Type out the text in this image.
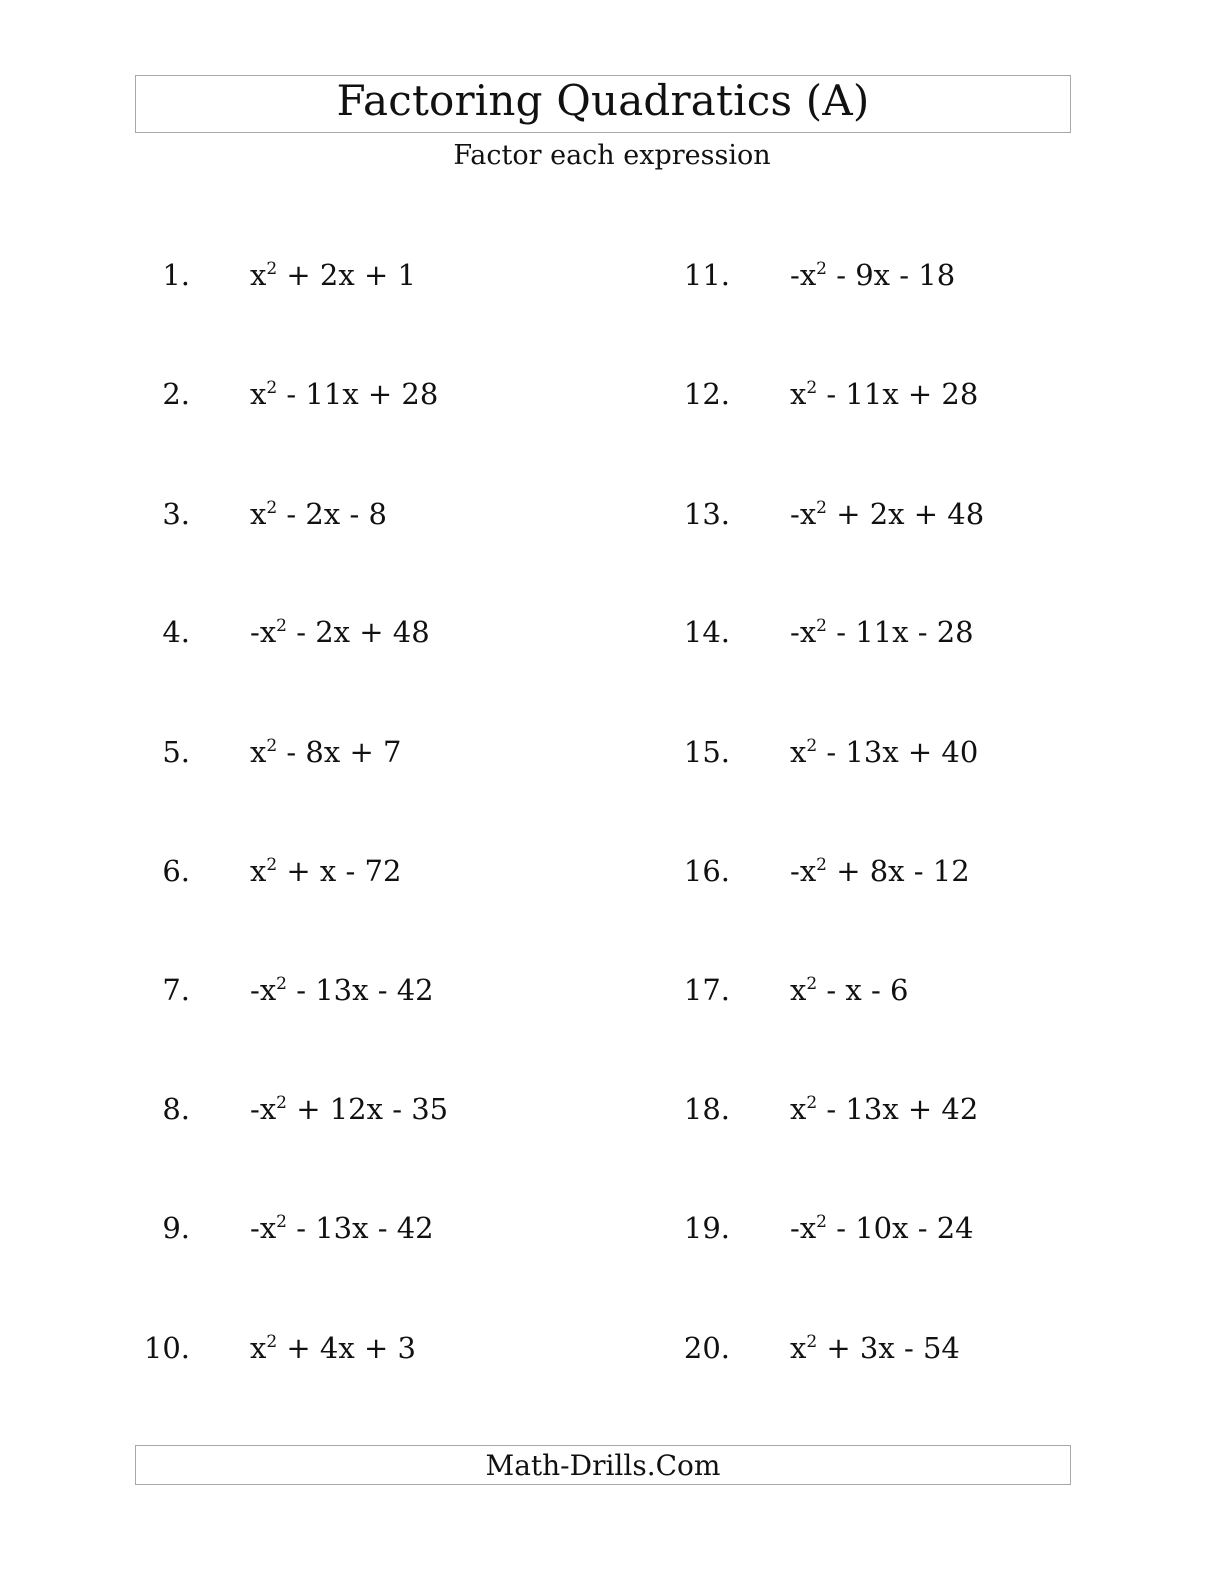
Factoring Quadratics (A)
Factor each expression
1. $x^2 + 2x + 1$
2. $x^2 - 11x + 28$
3. $x^2 - 2x - 8$
4. $-x^2 - 2x + 48$
5. $x^2 - 8x + 7$
6. $x^2 + x - 72$
7. $-x^2 - 13x - 42$
8. $-x^2 + 12x - 35$
9. $-x^2 - 13x - 42$
10. $x^2 + 4x + 3$
11. $-x^2 - 9x - 18$
12. $x^2 - 11x + 28$
13. $-x^2 + 2x + 48$
14. $-x^2 - 11x - 28$
15. $x^2 - 13x + 40$
16. $-x^2 + 8x - 12$
17. $x^2$ - x - 6
18. $x^2 - 13x + 42$
19. $-x^2 - 10x - 24$
20. $x^2 + 3x - 54$
Math-Drills.Com
